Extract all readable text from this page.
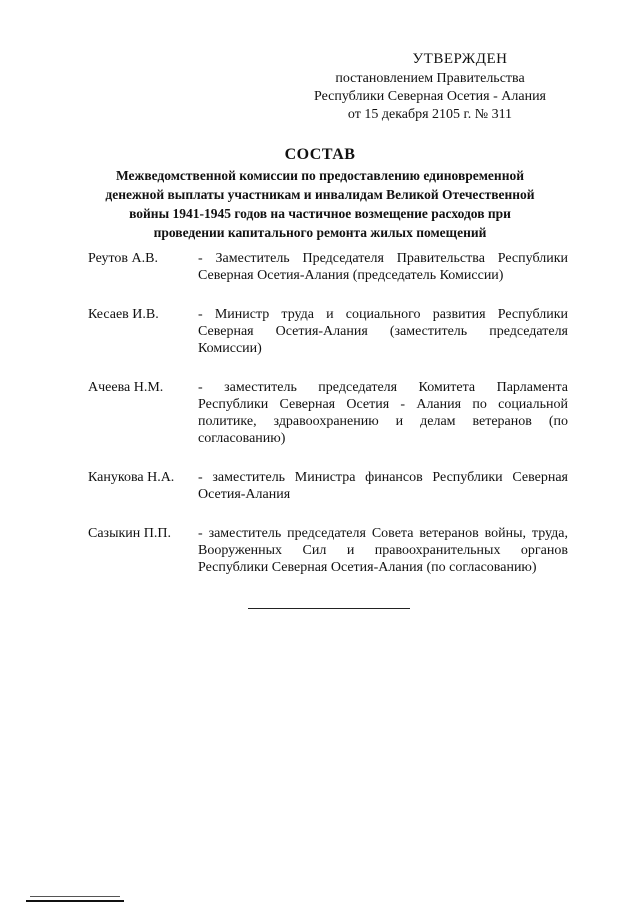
УТВЕРЖДЕН
постановлением Правительства
Республики Северная Осетия - Алания
от 15 декабря 2105 г. № 311
СОСТАВ
Межведомственной комиссии по предоставлению единовременной
денежной выплаты участникам и инвалидам Великой Отечественной
войны 1941-1945 годов на частичное возмещение расходов при
проведении капитального ремонта жилых помещений
Реутов А.В.	- Заместитель Председателя Правительства Республики Северная Осетия-Алания (председатель Комиссии)
Кесаев И.В.	- Министр труда и социального развития Республики Северная Осетия-Алания (заместитель председателя Комиссии)
Ачеева Н.М.	- заместитель председателя Комитета Парламента Республики Северная Осетия - Алания по социальной политике, здравоохранению и делам ветеранов (по согласованию)
Канукова Н.А.	- заместитель Министра финансов Республики Северная Осетия-Алания
Сазыкин П.П.	- заместитель председателя Совета ветеранов войны, труда, Вооруженных Сил и правоохранительных органов Республики Северная Осетия-Алания (по согласованию)
